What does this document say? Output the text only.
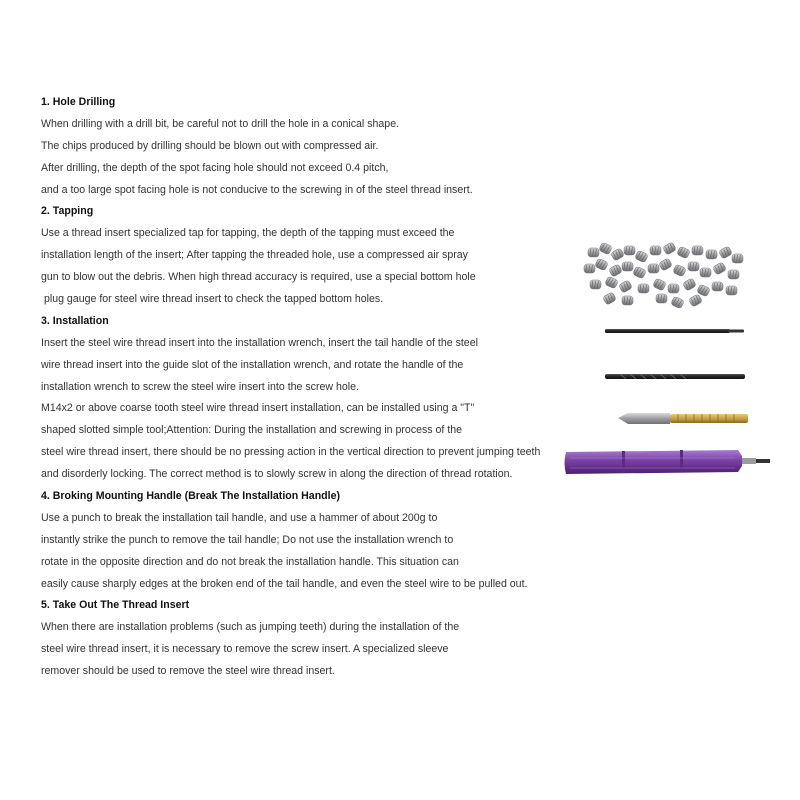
1. Hole Drilling
When drilling with a drill bit, be careful not to drill the hole in a conical shape.
The chips produced by drilling should be blown out with compressed air.
After drilling, the depth of the spot facing hole should not exceed 0.4 pitch,
and a too large spot facing hole is not conducive to the screwing in of the steel thread insert.
2. Tapping
Use a thread insert specialized tap for tapping, the depth of the tapping must exceed the
installation length of the insert; After tapping the threaded hole, use a compressed air spray
gun to blow out the debris. When high thread accuracy is required, use a special bottom hole
plug gauge for steel wire thread insert to check the tapped bottom holes.
3. Installation
Insert the steel wire thread insert into the installation wrench, insert the tail handle of the steel
wire thread insert into the guide slot of the installation wrench, and rotate the handle of the
installation wrench to screw the steel wire insert into the screw hole.
M14x2 or above coarse tooth steel wire thread insert installation, can be installed using a "T"
shaped slotted simple tool;Attention: During the installation and screwing in process of the
steel wire thread insert, there should be no pressing action in the vertical direction to prevent jumping teeth
and disorderly locking. The correct method is to slowly screw in along the direction of thread rotation.
4. Broking Mounting Handle (Break The Installation Handle)
Use a punch to break the installation tail handle, and use a hammer of about 200g to
instantly strike the punch to remove the tail handle; Do not use the installation wrench to
rotate in the opposite direction and do not break the installation handle. This situation can
easily cause sharply edges at the broken end of the tail handle, and even the steel wire to be pulled out.
5. Take Out The Thread Insert
When there are installation problems (such as jumping teeth) during the installation of the
steel wire thread insert, it is necessary to remove the screw insert. A specialized sleeve
remover should be used to remove the steel wire thread insert.
